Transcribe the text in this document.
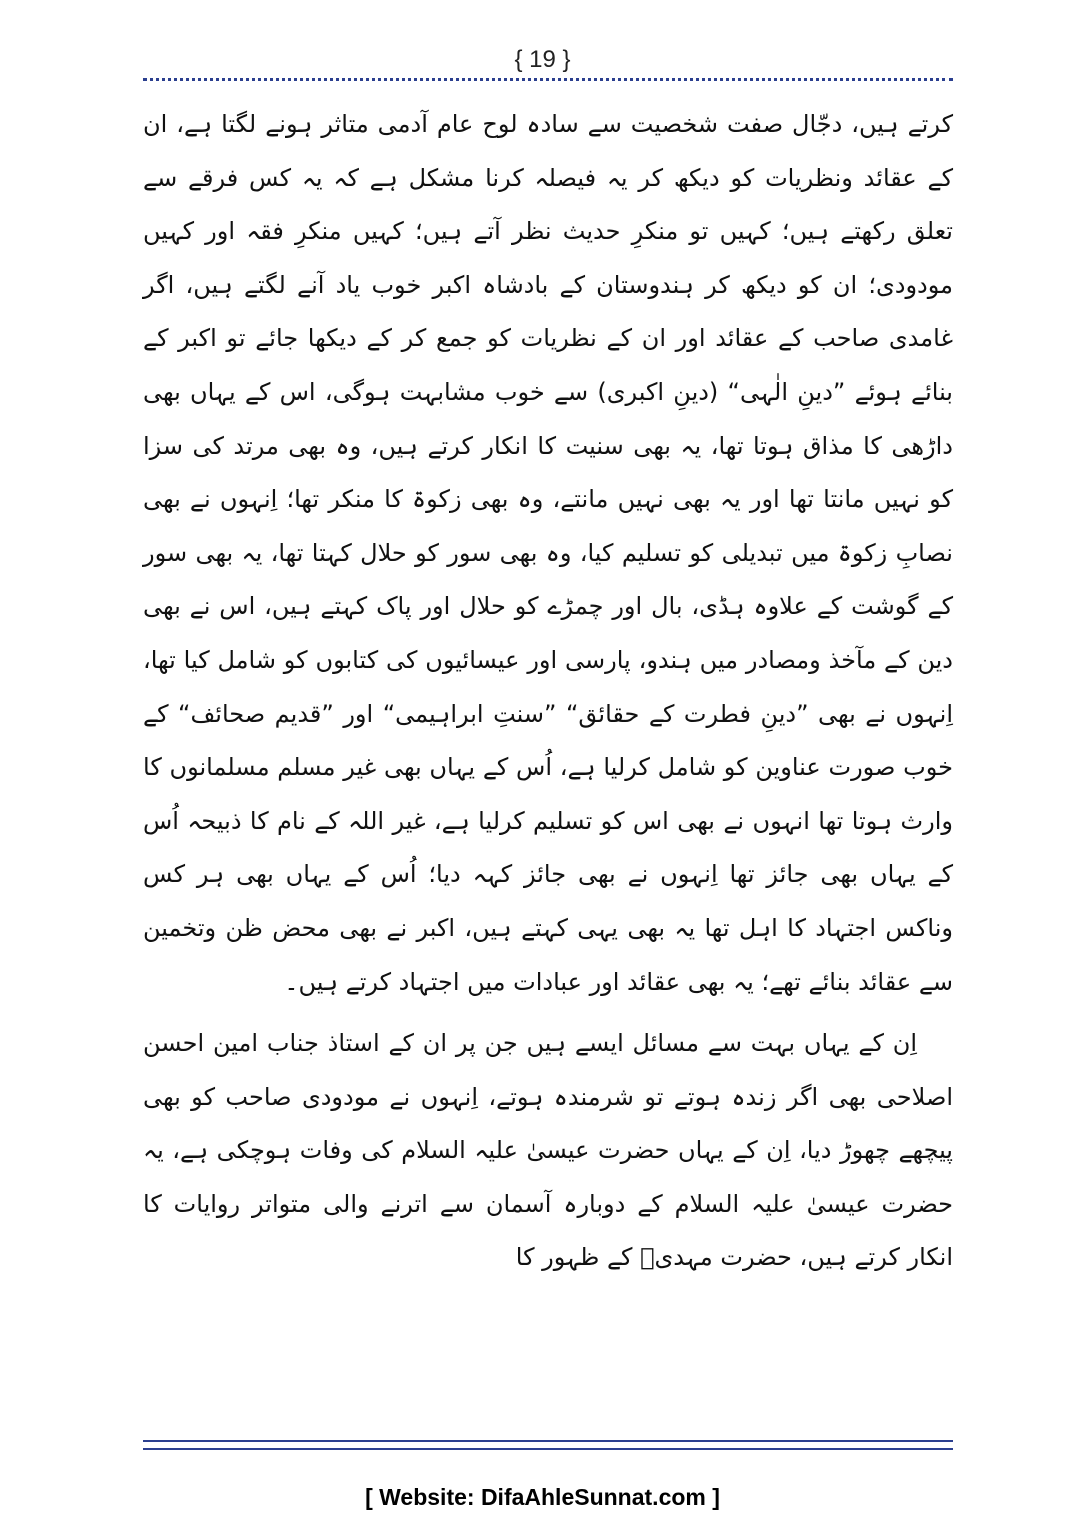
{ 19 }

کرتے ہیں، دجّال صفت شخصیت سے سادہ لوح عام آدمی متاثر ہونے لگتا ہے، ان کے عقائد ونظریات کو دیکھ کر یہ فیصلہ کرنا مشکل ہے کہ یہ کس فرقے سے تعلق رکھتے ہیں؛ کہیں تو منکرِ حدیث نظر آتے ہیں؛ کہیں منکرِ فقہ اور کہیں مودودی؛ ان کو دیکھ کر ہندوستان کے بادشاہ اکبر خوب یاد آنے لگتے ہیں، اگر غامدی صاحب کے عقائد اور ان کے نظریات کو جمع کر کے دیکھا جائے تو اکبر کے بنائے ہوئے ”دینِ الٰہی“ (دینِ اکبری) سے خوب مشابہت ہوگی، اس کے یہاں بھی داڑھی کا مذاق ہوتا تھا، یہ بھی سنیت کا انکار کرتے ہیں، وہ بھی مرتد کی سزا کو نہیں مانتا تھا اور یہ بھی نہیں مانتے، وہ بھی زکوۃ کا منکر تھا؛ اِنہوں نے بھی نصابِ زکوۃ میں تبدیلی کو تسلیم کیا، وہ بھی سور کو حلال کہتا تھا، یہ بھی سور کے گوشت کے علاوہ ہڈی، بال اور چمڑے کو حلال اور پاک کہتے ہیں، اس نے بھی دین کے مآخذ ومصادر میں ہندو، پارسی اور عیسائیوں کی کتابوں کو شامل کیا تھا، اِنہوں نے بھی ”دینِ فطرت کے حقائق“ ”سنتِ ابراہیمی“ اور ”قدیم صحائف“ کے خوب صورت عناوین کو شامل کرلیا ہے، اُس کے یہاں بھی غیر مسلم مسلمانوں کا وارث ہوتا تھا انہوں نے بھی اس کو تسلیم کرلیا ہے، غیر اللہ کے نام کا ذبیحہ اُس کے یہاں بھی جائز تھا اِنہوں نے بھی جائز کہہ دیا؛ اُس کے یہاں بھی ہر کس وناکس اجتہاد کا اہل تھا یہ بھی یہی کہتے ہیں، اکبر نے بھی محض ظن وتخمین سے عقائد بنائے تھے؛ یہ بھی عقائد اور عبادات میں اجتہاد کرتے ہیں۔

اِن کے یہاں بہت سے مسائل ایسے ہیں جن پر ان کے استاذ جناب امین احسن اصلاحی بھی اگر زندہ ہوتے تو شرمندہ ہوتے، اِنہوں نے مودودی صاحب کو بھی پیچھے چھوڑ دیا، اِن کے یہاں حضرت عیسیٰ علیہ السلام کی وفات ہوچکی ہے، یہ حضرت عیسیٰ علیہ السلام کے دوبارہ آسمان سے اترنے والی متواتر روایات کا انکار کرتے ہیں، حضرت مہدیؒ کے ظہور کا

[ Website: DifaAhleSunnat.com ]
